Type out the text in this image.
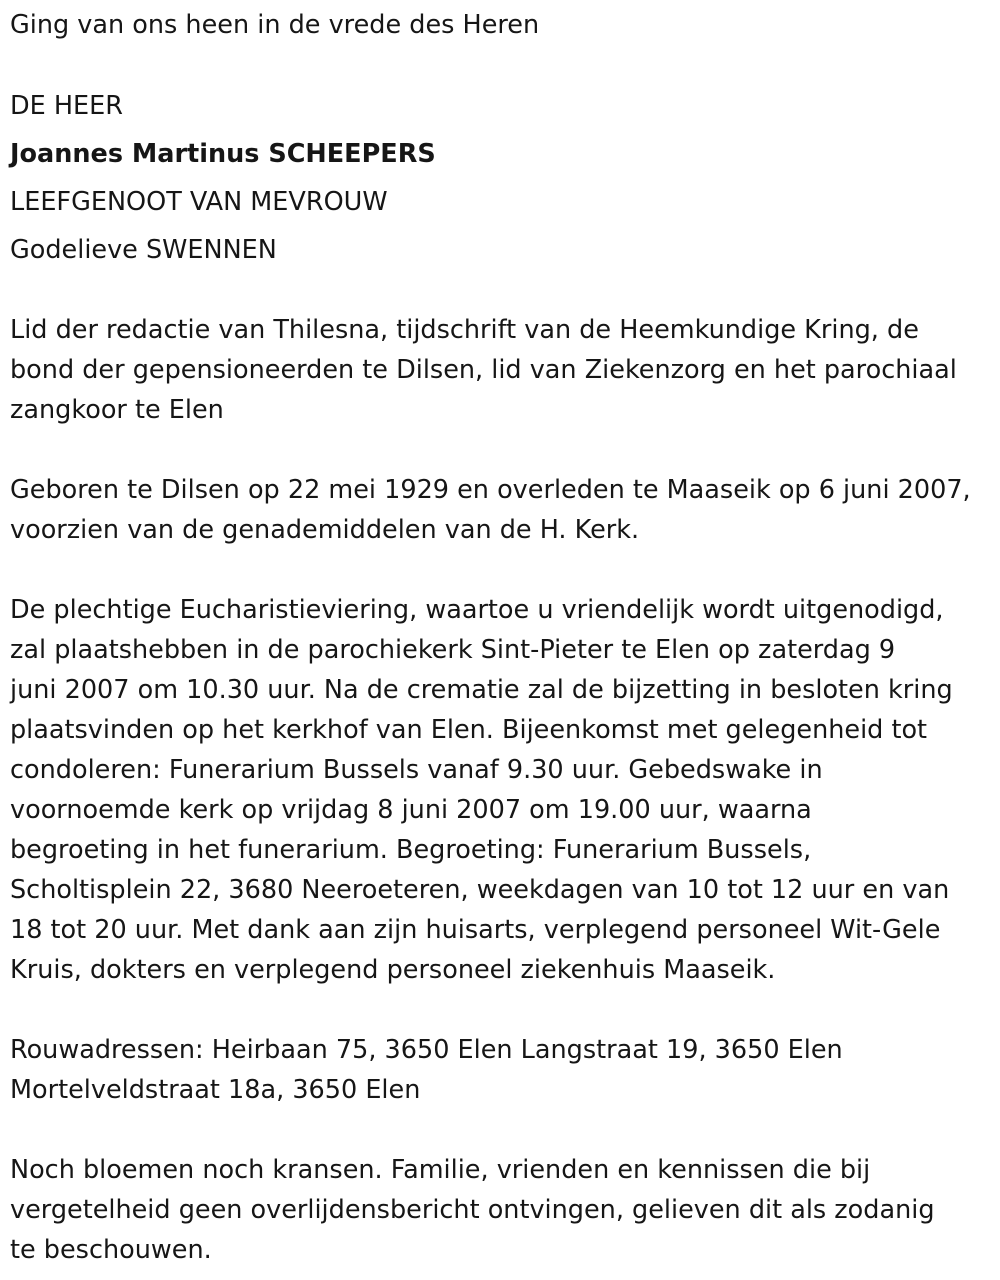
Ging van ons heen in de vrede des Heren
DE HEER
Joannes Martinus SCHEEPERS
LEEFGENOOT VAN MEVROUW
Godelieve SWENNEN
Lid der redactie van Thilesna, tijdschrift van de Heemkundige Kring, de
bond der gepensioneerden te Dilsen, lid van Ziekenzorg en het parochiaal
zangkoor te Elen
Geboren te Dilsen op 22 mei 1929 en overleden te Maaseik op 6 juni 2007,
voorzien van de genademiddelen van de H. Kerk.
De plechtige Eucharistieviering, waartoe u vriendelijk wordt uitgenodigd,
zal plaatshebben in de parochiekerk Sint-Pieter te Elen op zaterdag 9
juni 2007 om 10.30 uur. Na de crematie zal de bijzetting in besloten kring
plaatsvinden op het kerkhof van Elen. Bijeenkomst met gelegenheid tot
condoleren: Funerarium Bussels vanaf 9.30 uur. Gebedswake in
voornoemde kerk op vrijdag 8 juni 2007 om 19.00 uur, waarna
begroeting in het funerarium. Begroeting: Funerarium Bussels,
Scholtisplein 22, 3680 Neeroeteren, weekdagen van 10 tot 12 uur en van
18 tot 20 uur. Met dank aan zijn huisarts, verplegend personeel Wit-Gele
Kruis, dokters en verplegend personeel ziekenhuis Maaseik.
Rouwadressen: Heirbaan 75, 3650 Elen Langstraat 19, 3650 Elen
Mortelveldstraat 18a, 3650 Elen
Noch bloemen noch kransen. Familie, vrienden en kennissen die bij
vergetelheid geen overlijdensbericht ontvingen, gelieven dit als zodanig
te beschouwen.
